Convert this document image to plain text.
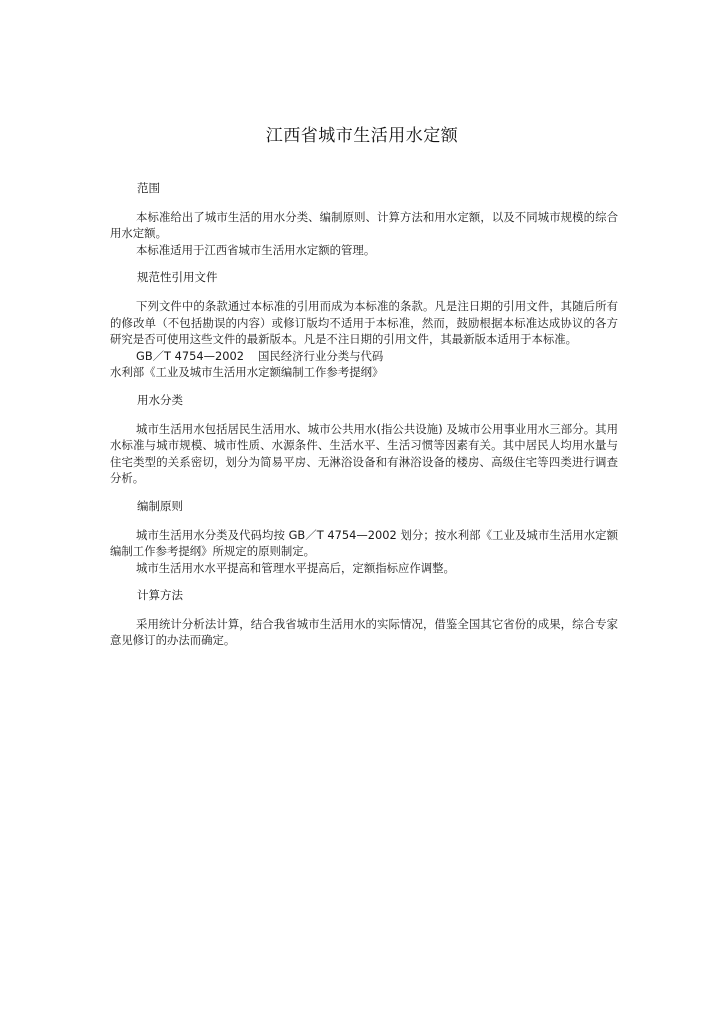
江西省城市生活用水定额

范围

本标准给出了城市生活的用水分类、编制原则、计算方法和用水定额，以及不同城市规模的综合用水定额。

本标准适用于江西省城市生活用水定额的管理。

规范性引用文件

下列文件中的条款通过本标准的引用而成为本标准的条款。凡是注日期的引用文件，其随后所有的修改单（不包括勘误的内容）或修订版均不适用于本标准，然而，鼓励根据本标准达成协议的各方研究是否可使用这些文件的最新版本。凡是不注日期的引用文件，其最新版本适用于本标准。

GB／T 4754—2002 国民经济行业分类与代码

水利部《工业及城市生活用水定额编制工作参考提纲》

用水分类

城市生活用水包括居民生活用水、城市公共用水(指公共设施) 及城市公用事业用水三部分。其用水标准与城市规模、城市性质、水源条件、生活水平、生活习惯等因素有关。其中居民人均用水量与住宅类型的关系密切，划分为简易平房、无淋浴设备和有淋浴设备的楼房、高级住宅等四类进行调查分析。

编制原则

城市生活用水分类及代码均按 GB／T 4754—2002 划分；按水利部《工业及城市生活用水定额编制工作参考提纲》所规定的原则制定。

城市生活用水水平提高和管理水平提高后，定额指标应作调整。

计算方法

采用统计分析法计算，结合我省城市生活用水的实际情况，借鉴全国其它省份的成果，综合专家意见修订的办法而确定。
